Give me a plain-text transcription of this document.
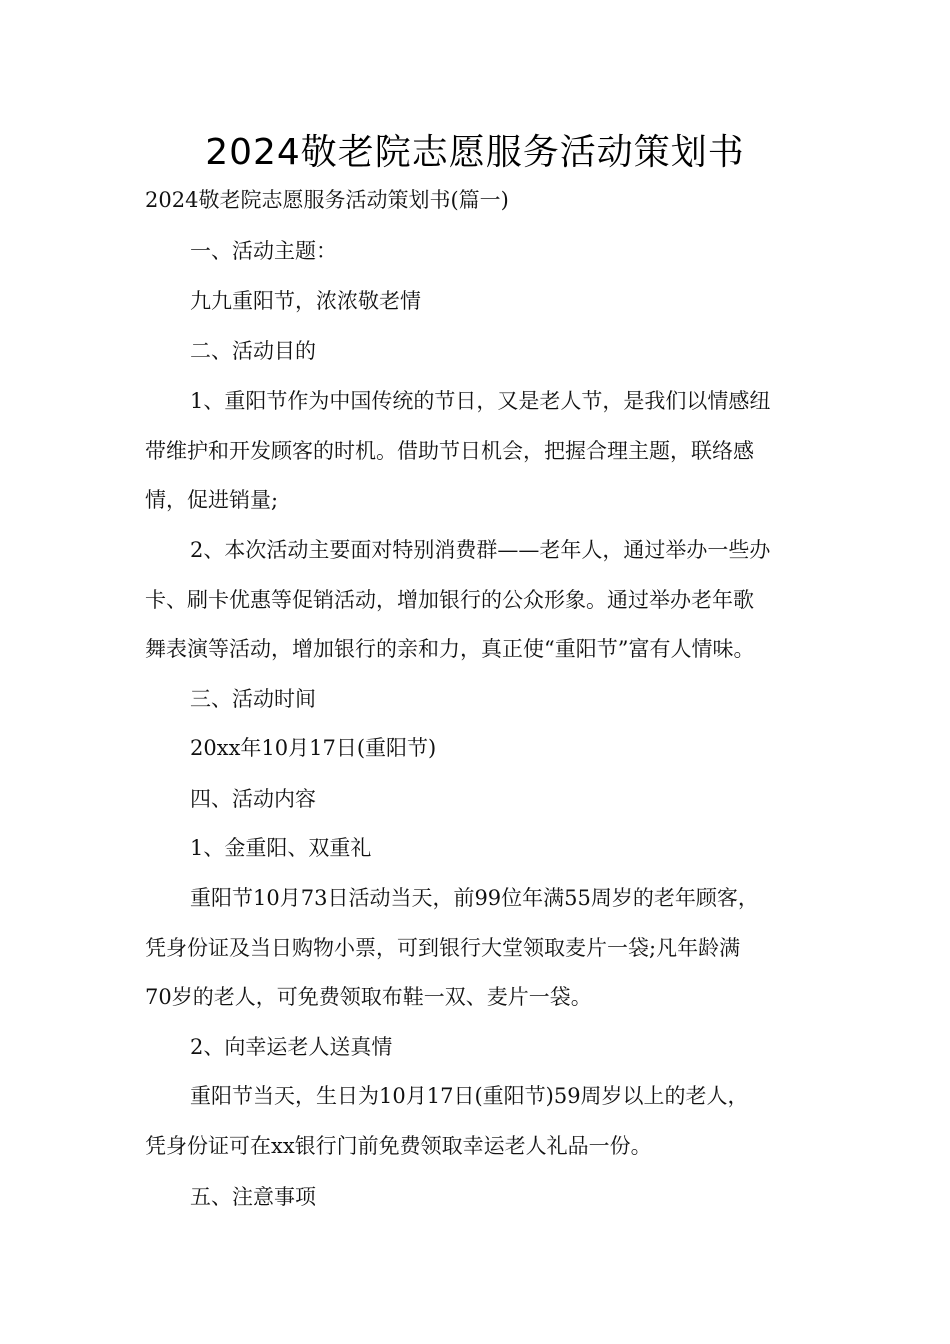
2024敬老院志愿服务活动策划书
2024敬老院志愿服务活动策划书(篇一)
一、活动主题：
九九重阳节，浓浓敬老情
二、活动目的
1、重阳节作为中国传统的节日，又是老人节，是我们以情感纽
带维护和开发顾客的时机。借助节日机会，把握合理主题，联络感
情，促进销量;
2、本次活动主要面对特别消费群——老年人，通过举办一些办
卡、刷卡优惠等促销活动，增加银行的公众形象。通过举办老年歌
舞表演等活动，增加银行的亲和力，真正使“重阳节”富有人情味。
三、活动时间
20xx年10月17日(重阳节)
四、活动内容
1、金重阳、双重礼
重阳节10月73日活动当天，前99位年满55周岁的老年顾客，
凭身份证及当日购物小票，可到银行大堂领取麦片一袋;凡年龄满
70岁的老人，可免费领取布鞋一双、麦片一袋。
2、向幸运老人送真情
重阳节当天，生日为10月17日(重阳节)59周岁以上的老人，
凭身份证可在xx银行门前免费领取幸运老人礼品一份。
五、注意事项
